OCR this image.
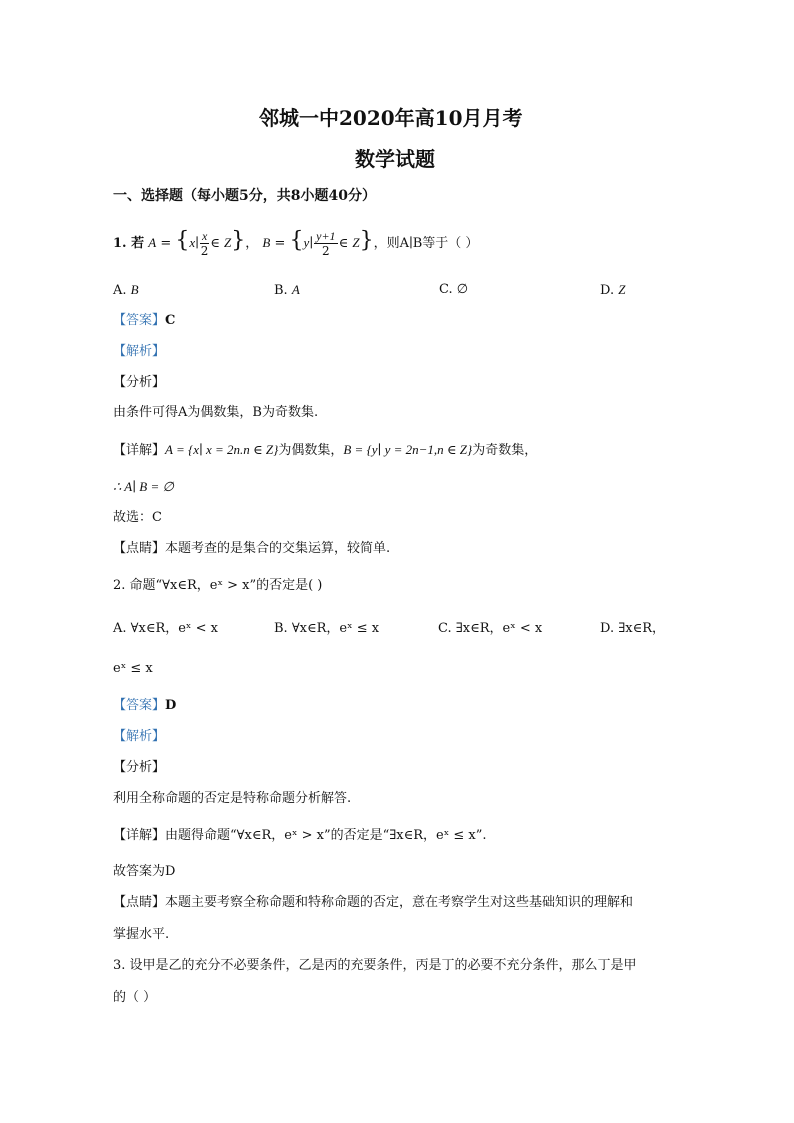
邻城一中2020年高10月月考
数学试题
一、选择题（每小题5分，共8小题40分）
1. 若 A = {x∣ $\frac{x}{2}$ ∈ Z}， B = {y∣ $\frac{y+1}{2}$ ∈ Z}，则A∣B等于（ ）
A. B	B. A	C. ∅	D. Z
【答案】C
【解析】
【分析】
由条件可得A为偶数集，B为奇数集.
【详解】A = {x∣ x = 2n.n ∈ Z}为偶数集，B = {y∣ y = 2n−1,n ∈ Z}为奇数集，
∴ A∣ B = ∅
故选：C
【点睛】本题考查的是集合的交集运算，较简单.
2. 命题“∀x∈R，eˣ > x”的否定是( )
A. ∀x∈R，eˣ < x	B. ∀x∈R，eˣ ≤ x	C. ∃x∈R，eˣ < x	D. ∃x∈R，
eˣ ≤ x
【答案】D
【解析】
【分析】
利用全称命题的否定是特称命题分析解答.
【详解】由题得命题“∀x∈R，eˣ > x”的否定是“∃x∈R，eˣ ≤ x”.
故答案为D
【点睛】本题主要考察全称命题和特称命题的否定，意在考察学生对这些基础知识的理解和
掌握水平.
3. 设甲是乙的充分不必要条件，乙是丙的充要条件，丙是丁的必要不充分条件，那么丁是甲
的（ ）
